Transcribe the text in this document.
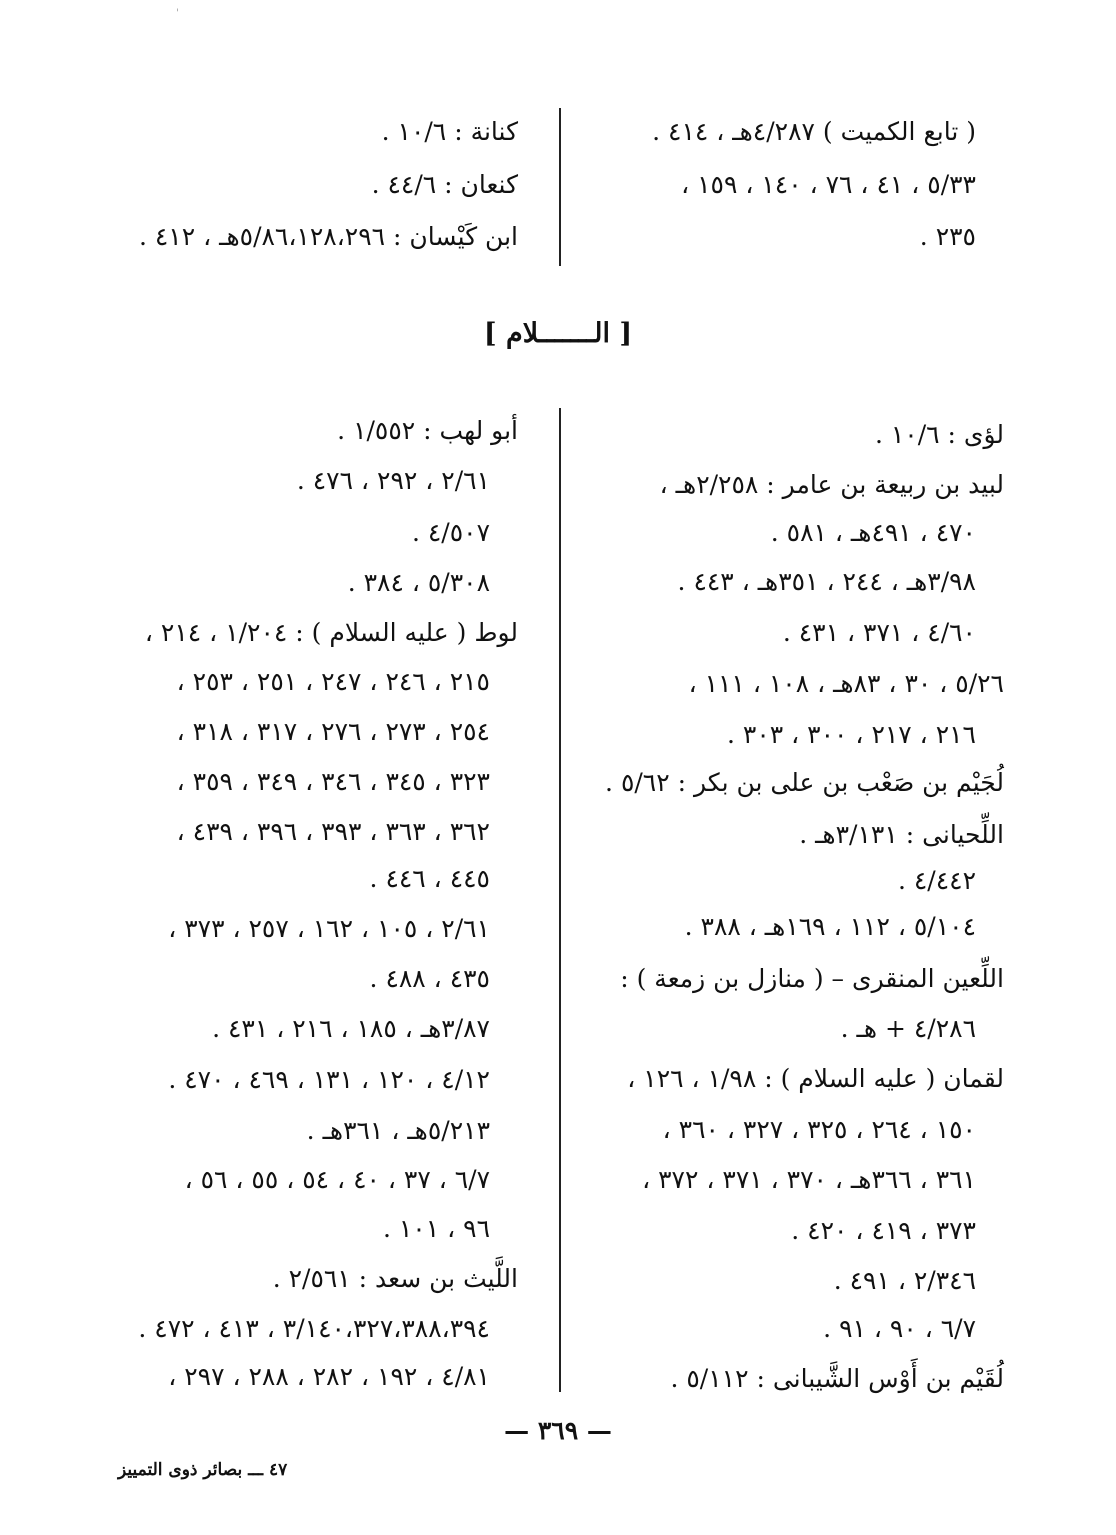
'
( تابع الكميت ) ٤/٢٨٧هـ ، ٤١٤ .
٥/٣٣ ، ٤١ ، ٧٦ ، ١٤٠ ، ١٥٩ ،
٢٣٥ .
كنانة : ١٠/٦ .
كنعان : ٤٤/٦ .
ابن كَيْسان : ٥/٨٦،١٢٨،٢٩٦هـ ، ٤١٢ .
[ الـــــــلام ]
لؤى : ١٠/٦ .
لبيد بن ربيعة بن عامر : ٢/٢٥٨هـ ،
٤٧٠ ، ٤٩١هـ ، ٥٨١ .
٣/٩٨هـ ، ٢٤٤ ، ٣٥١هـ ، ٤٤٣ .
٤/٦٠ ، ٣٧١ ، ٤٣١ .
٥/٢٦ ، ٣٠ ، ٨٣هـ ، ١٠٨ ، ١١١ ،
٢١٦ ، ٢١٧ ، ٣٠٠ ، ٣٠٣ .
لُجَيْم بن صَعْب بن على بن بكر : ٥/٦٢ .
اللِّحيانى : ٣/١٣١هـ .
٤/٤٤٢ .
٥/١٠٤ ، ١١٢ ، ١٦٩هـ ، ٣٨٨ .
اللِّعين المنقرى – ( منازل بن زمعة ) :
٤/٢٨٦ + هـ .
لقمان ( عليه السلام ) : ١/٩٨ ، ١٢٦ ،
١٥٠ ، ٢٦٤ ، ٣٢٥ ، ٣٢٧ ، ٣٦٠ ،
٣٦١ ، ٣٦٦هـ ، ٣٧٠ ، ٣٧١ ، ٣٧٢ ،
٣٧٣ ، ٤١٩ ، ٤٢٠ .
٢/٣٤٦ ، ٤٩١ .
٦/٧ ، ٩٠ ، ٩١ .
لُقَيْم بن أَوْس الشَّيبانى : ٥/١١٢ .
أبو لهب : ١/٥٥٢ .
٢/٦١ ، ٢٩٢ ، ٤٧٦ .
٤/٥٠٧ .
٥/٣٠٨ ، ٣٨٤ .
لوط ( عليه السلام ) : ١/٢٠٤ ، ٢١٤ ،
٢١٥ ، ٢٤٦ ، ٢٤٧ ، ٢٥١ ، ٢٥٣ ،
٢٥٤ ، ٢٧٣ ، ٢٧٦ ، ٣١٧ ، ٣١٨ ،
٣٢٣ ، ٣٤٥ ، ٣٤٦ ، ٣٤٩ ، ٣٥٩ ،
٣٦٢ ، ٣٦٣ ، ٣٩٣ ، ٣٩٦ ، ٤٣٩ ،
٤٤٥ ، ٤٤٦ .
٢/٦١ ، ١٠٥ ، ١٦٢ ، ٢٥٧ ، ٣٧٣ ،
٤٣٥ ، ٤٨٨ .
٣/٨٧هـ ، ١٨٥ ، ٢١٦ ، ٤٣١ .
٤/١٢ ، ١٢٠ ، ١٣١ ، ٤٦٩ ، ٤٧٠ .
٥/٢١٣هـ ، ٣٦١هـ .
٦/٧ ، ٣٧ ، ٤٠ ، ٥٤ ، ٥٥ ، ٥٦ ،
٩٦ ، ١٠١ .
اللَّيث بن سعد : ٢/٥٦١ .
٣/١٤٠،٣٢٧،٣٨٨،٣٩٤ ، ٤١٣ ، ٤٧٢ .
٤/٨١ ، ١٩٢ ، ٢٨٢ ، ٢٨٨ ، ٢٩٧ ،
— ٣٦٩ —
٤٧ ـــ بصائر ذوى التمييز
